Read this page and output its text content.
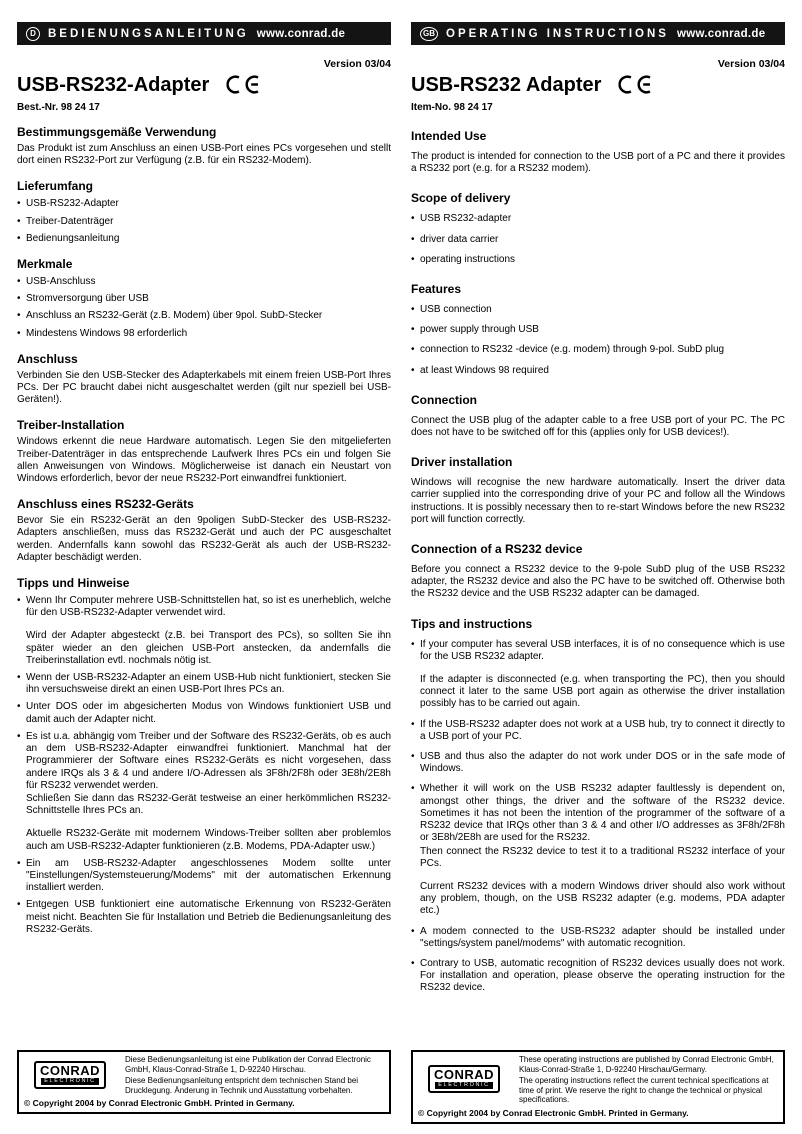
D	BEDIENUNGSANLEITUNG www.conrad.de
Version 03/04
USB-RS232-Adapter
Best.-Nr. 98 24 17
Bestimmungsgemäße Verwendung
Das Produkt ist zum Anschluss an einen USB-Port eines PCs vorgesehen und stellt dort einen RS232-Port zur Verfügung (z.B. für ein RS232-Modem).
Lieferumfang
• USB-RS232-Adapter
• Treiber-Datenträger
• Bedienungsanleitung
Merkmale
• USB-Anschluss
• Stromversorgung über USB
• Anschluss an RS232-Gerät (z.B. Modem) über 9pol. SubD-Stecker
• Mindestens Windows 98 erforderlich
Anschluss
Verbinden Sie den USB-Stecker des Adapterkabels mit einem freien USB-Port Ihres PCs. Der PC braucht dabei nicht ausgeschaltet werden (gilt nur speziell bei USB-Geräten!).
Treiber-Installation
Windows erkennt die neue Hardware automatisch. Legen Sie den mitgelieferten Treiber-Datenträger in das entsprechende Laufwerk Ihres PCs ein und folgen Sie allen Anweisungen von Windows. Möglicherweise ist danach ein Neustart von Windows erforderlich, bevor der neue RS232-Port einwandfrei funktioniert.
Anschluss eines RS232-Geräts
Bevor Sie ein RS232-Gerät an den 9poligen SubD-Stecker des USB-RS232-Adapters anschließen, muss das RS232-Gerät und auch der PC ausgeschaltet werden. Andernfalls kann sowohl das RS232-Gerät als auch der USB-RS232-Adapter beschädigt werden.
Tipps und Hinweise
• Wenn Ihr Computer mehrere USB-Schnittstellen hat, so ist es unerheblich, welche für den USB-RS232-Adapter verwendet wird.
Wird der Adapter abgesteckt (z.B. bei Transport des PCs), so sollten Sie ihn später wieder an den gleichen USB-Port anstecken, da andernfalls die Treiberinstallation evtl. nochmals nötig ist.
• Wenn der USB-RS232-Adapter an einem USB-Hub nicht funktioniert, stecken Sie ihn versuchsweise direkt an einen USB-Port Ihres PCs an.
• Unter DOS oder im abgesicherten Modus von Windows funktioniert USB und damit auch der Adapter nicht.
• Es ist u.a. abhängig vom Treiber und der Software des RS232-Geräts, ob es auch an dem USB-RS232-Adapter einwandfrei funktioniert. Manchmal hat der Programmierer der Software eines RS232-Geräts es nicht vorgesehen, dass andere IRQs als 3 & 4 und andere I/O-Adressen als 3F8h/2F8h oder 3E8h/2E8h für RS232 verwendet werden.
Schließen Sie dann das RS232-Gerät testweise an einer herkömmlichen RS232-Schnittstelle Ihres PCs an.
Aktuelle RS232-Geräte mit modernem Windows-Treiber sollten aber problemlos auch am USB-RS232-Adapter funktionieren (z.B. Modems, PDA-Adapter usw.)
• Ein am USB-RS232-Adapter angeschlossenes Modem sollte unter "Einstellungen/Systemsteuerung/Modems" mit der automatischen Erkennung installiert werden.
• Entgegen USB funktioniert eine automatische Erkennung von RS232-Geräten meist nicht. Beachten Sie für Installation und Betrieb die Bedienungsanleitung des RS232-Geräts.
CONRAD
ELECTRONIC

Diese Bedienungsanleitung ist eine Publikation der Conrad Electronic GmbH, Klaus-Conrad-Straße 1, D-92240 Hirschau.

Diese Bedienungsanleitung entspricht dem technischen Stand bei Drucklegung. Änderung in Technik und Ausstattung vorbehalten.

© Copyright 2004 by Conrad Electronic GmbH. Printed in Germany.
GB OPERATING INSTRUCTIONS www.conrad.de
Version 03/04
USB-RS232 Adapter
Item-No. 98 24 17
Intended Use
The product is intended for connection to the USB port of a PC and there it provides a RS232 port (e.g. for a RS232 modem).
Scope of delivery
• USB RS232-adapter
• driver data carrier
• operating instructions
Features
• USB connection
• power supply through USB
• connection to RS232 -device (e.g. modem) through 9-pol. SubD plug
• at least Windows 98 required
Connection
Connect the USB plug of the adapter cable to a free USB port of your PC. The PC does not have to be switched off for this (applies only for USB devices!).
Driver installation
Windows will recognise the new hardware automatically. Insert the driver data carrier supplied into the corresponding drive of your PC and follow all the Windows instructions. It is possibly necessary then to re-start Windows before the new RS232 port will function correctly.
Connection of a RS232 device
Before you connect a RS232 device to the 9-pole SubD plug of the USB RS232 adapter, the RS232 device and also the PC have to be switched off. Otherwise both the RS232 device and the USB RS232 adapter can be damaged.
Tips and instructions
• If your computer has several USB interfaces, it is of no consequence which is use for the USB RS232 adapter.
If the adapter is disconnected (e.g. when transporting the PC), then you should connect it later to the same USB port again as otherwise the driver installation possibly has to be carried out again.
• If the USB-RS232 adapter does not work at a USB hub, try to connect it directly to a USB port of your PC.
• USB and thus also the adapter do not work under DOS or in the safe mode of Windows.
• Whether it will work on the USB RS232 adapter faultlessly is dependent on, amongst other things, the driver and the software of the RS232 device. Sometimes it has not been the intention of the programmer of the software of a RS232 device that IRQs other than 3 & 4 and other I/O addresses as 3F8h/2F8h or 3E8h/2E8h are used for the RS232.
Then connect the RS232 device to test it to a traditional RS232 interface of your PCs.
Current RS232 devices with a modern Windows driver should also work without any problem, though, on the USB RS232 adapter (e.g. modems, PDA adapter etc.)
• A modem connected to the USB-RS232 adapter should be installed under "settings/system panel/modems" with automatic recognition.
• Contrary to USB, automatic recognition of RS232 devices usually does not work. For installation and operation, please observe the operating instruction for the RS232 device.
CONRAD
ELECTRONIC

These operating instructions are published by Conrad Electronic GmbH, Klaus-Conrad-Straße 1, D-92240 Hirschau/Germany.

The operating instructions reflect the current technical specifications at time of print. We reserve the right to change the technical or physical specifications.

© Copyright 2004 by Conrad Electronic GmbH. Printed in Germany.
